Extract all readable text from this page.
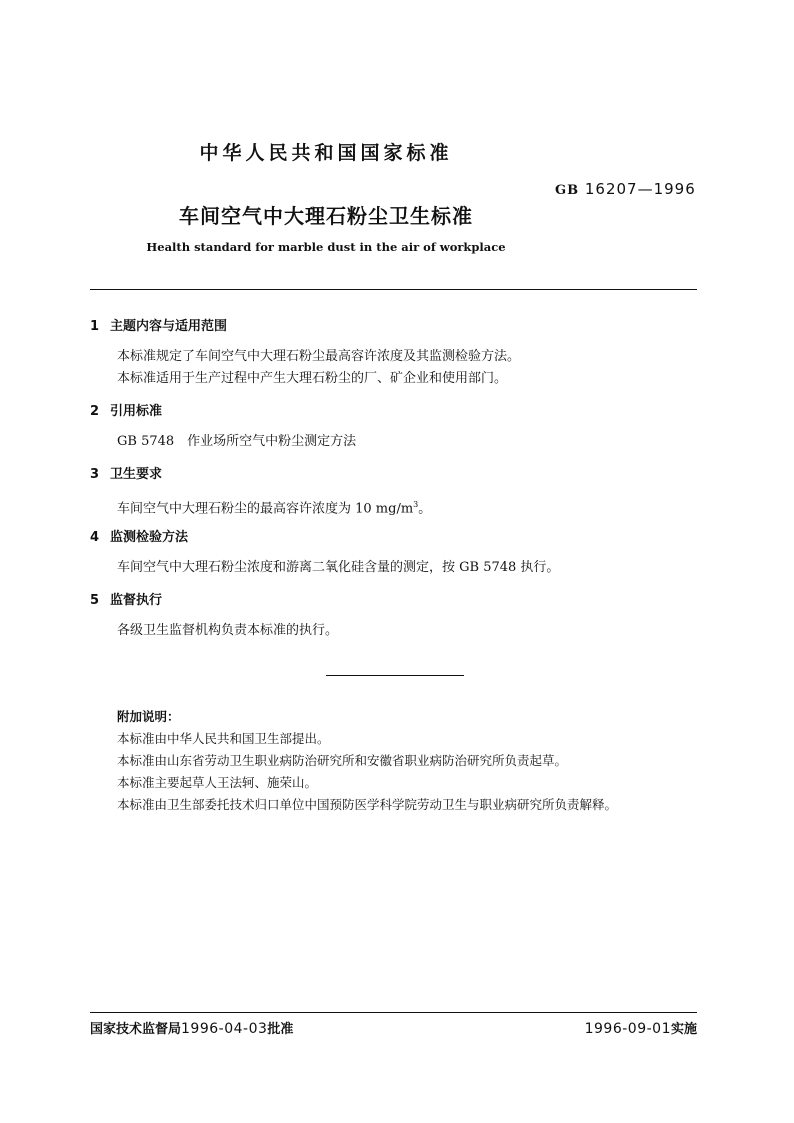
中华人民共和国国家标准
GB 16207—1996
车间空气中大理石粉尘卫生标准
Health standard for marble dust in the air of workplace
1 主题内容与适用范围
本标准规定了车间空气中大理石粉尘最高容许浓度及其监测检验方法。
本标准适用于生产过程中产生大理石粉尘的厂、矿企业和使用部门。
2 引用标准
GB 5748　作业场所空气中粉尘测定方法
3 卫生要求
车间空气中大理石粉尘的最高容许浓度为 10 $mg/m^3$。
4 监测检验方法
车间空气中大理石粉尘浓度和游离二氧化硅含量的测定，按 GB 5748 执行。
5 监督执行
各级卫生监督机构负责本标准的执行。
附加说明：
本标准由中华人民共和国卫生部提出。
本标准由山东省劳动卫生职业病防治研究所和安徽省职业病防治研究所负责起草。
本标准主要起草人王法轲、施荣山。
本标准由卫生部委托技术归口单位中国预防医学科学院劳动卫生与职业病研究所负责解释。
国家技术监督局1996-04-03批准	1996-09-01实施
